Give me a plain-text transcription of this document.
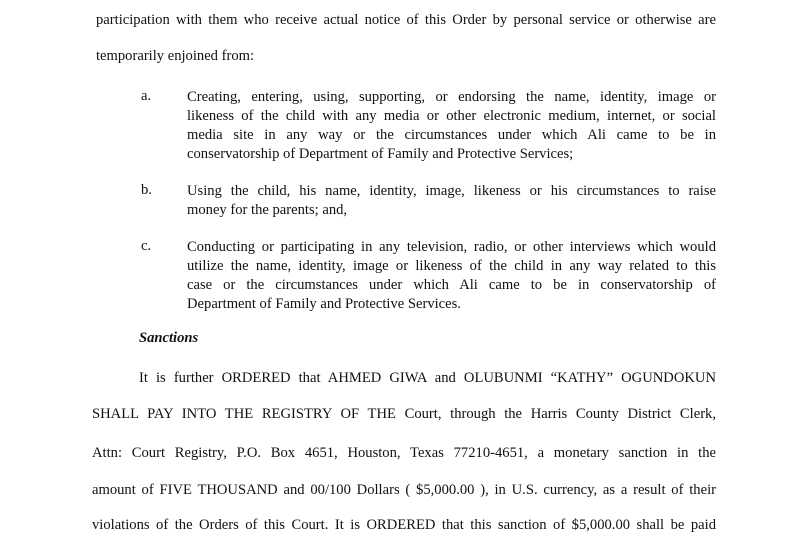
participation with them who receive actual notice of this Order by personal service or otherwise are
temporarily enjoined from:
a. Creating, entering, using, supporting, or endorsing the name, identity, image or
likeness of the child with any media or other electronic medium, internet, or social
media site in any way or the circumstances under which Ali came to be in
conservatorship of Department of Family and Protective Services;
b. Using the child, his name, identity, image, likeness or his circumstances to raise
money for the parents; and,
c. Conducting or participating in any television, radio, or other interviews which would
utilize the name, identity, image or likeness of the child in any way related to this
case or the circumstances under which Ali came to be in conservatorship of
Department of Family and Protective Services.
Sanctions
It is further ORDERED that AHMED GIWA and OLUBUNMI “KATHY” OGUNDOKUN
SHALL PAY INTO THE REGISTRY OF THE Court, through the Harris County District Clerk,
Attn: Court Registry, P.O. Box 4651, Houston, Texas 77210-4651, a monetary sanction in the
amount of FIVE THOUSAND and 00/100 Dollars ( $5,000.00 ), in U.S. currency, as a result of their
violations of the Orders of this Court. It is ORDERED that this sanction of $5,000.00 shall be paid
